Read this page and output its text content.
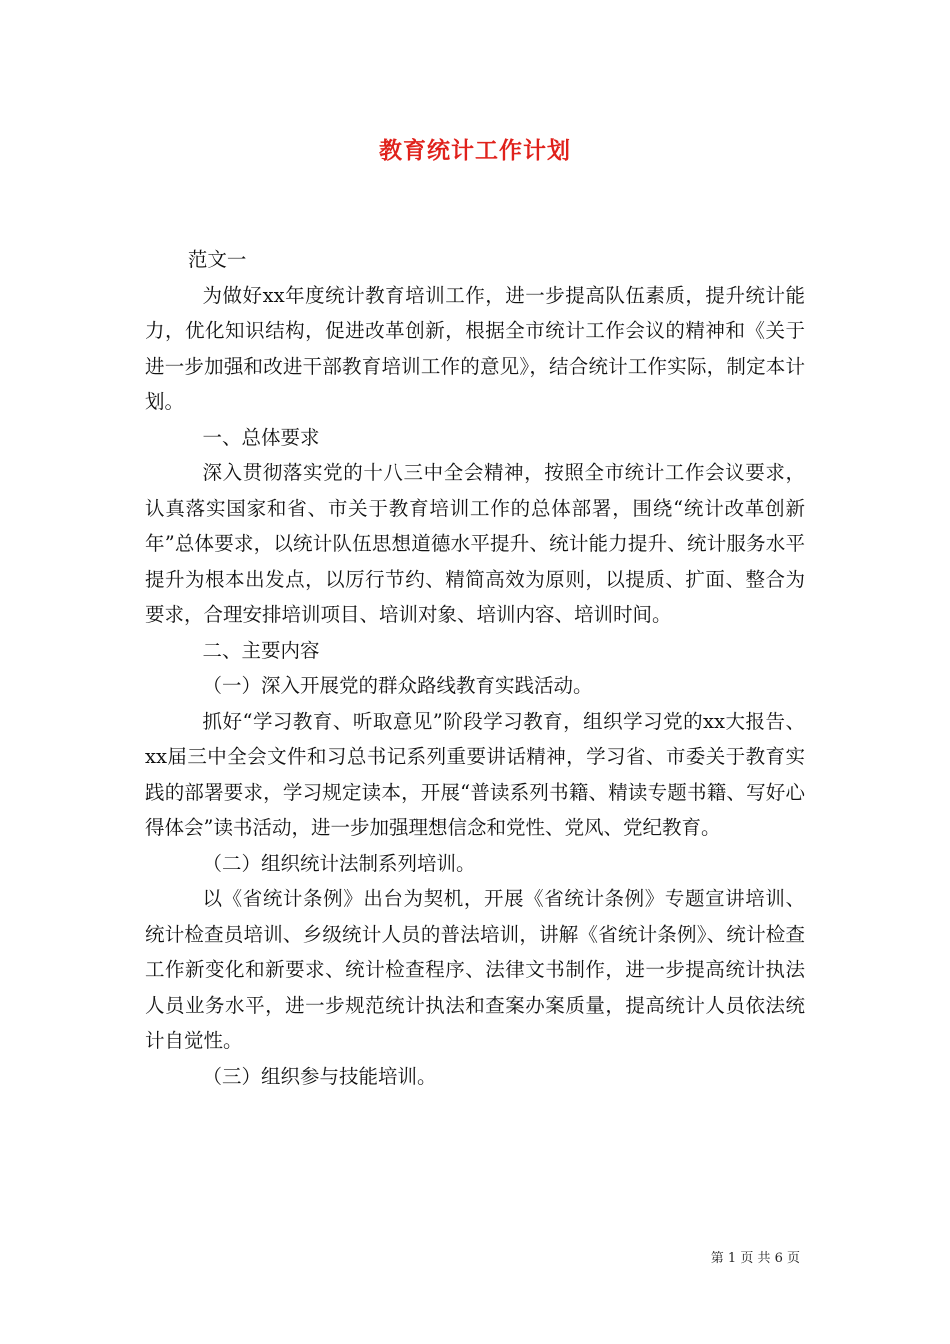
教育统计工作计划

范文一

为做好xx年度统计教育培训工作，进一步提高队伍素质，提升统计能力，优化知识结构，促进改革创新，根据全市统计工作会议的精神和《关于进一步加强和改进干部教育培训工作的意见》，结合统计工作实际，制定本计划。

一、总体要求

深入贯彻落实党的十八三中全会精神，按照全市统计工作会议要求，认真落实国家和省、市关于教育培训工作的总体部署，围绕“统计改革创新年”总体要求，以统计队伍思想道德水平提升、统计能力提升、统计服务水平提升为根本出发点，以厉行节约、精简高效为原则，以提质、扩面、整合为要求，合理安排培训项目、培训对象、培训内容、培训时间。

二、主要内容

（一）深入开展党的群众路线教育实践活动。

抓好“学习教育、听取意见”阶段学习教育，组织学习党的xx大报告、xx届三中全会文件和习总书记系列重要讲话精神，学习省、市委关于教育实践的部署要求，学习规定读本，开展“普读系列书籍、精读专题书籍、写好心得体会”读书活动，进一步加强理想信念和党性、党风、党纪教育。

（二）组织统计法制系列培训。

以《省统计条例》出台为契机，开展《省统计条例》专题宣讲培训、统计检查员培训、乡级统计人员的普法培训，讲解《省统计条例》、统计检查工作新变化和新要求、统计检查程序、法律文书制作，进一步提高统计执法人员业务水平，进一步规范统计执法和查案办案质量，提高统计人员依法统计自觉性。

（三）组织参与技能培训。

第 1 页 共 6 页
